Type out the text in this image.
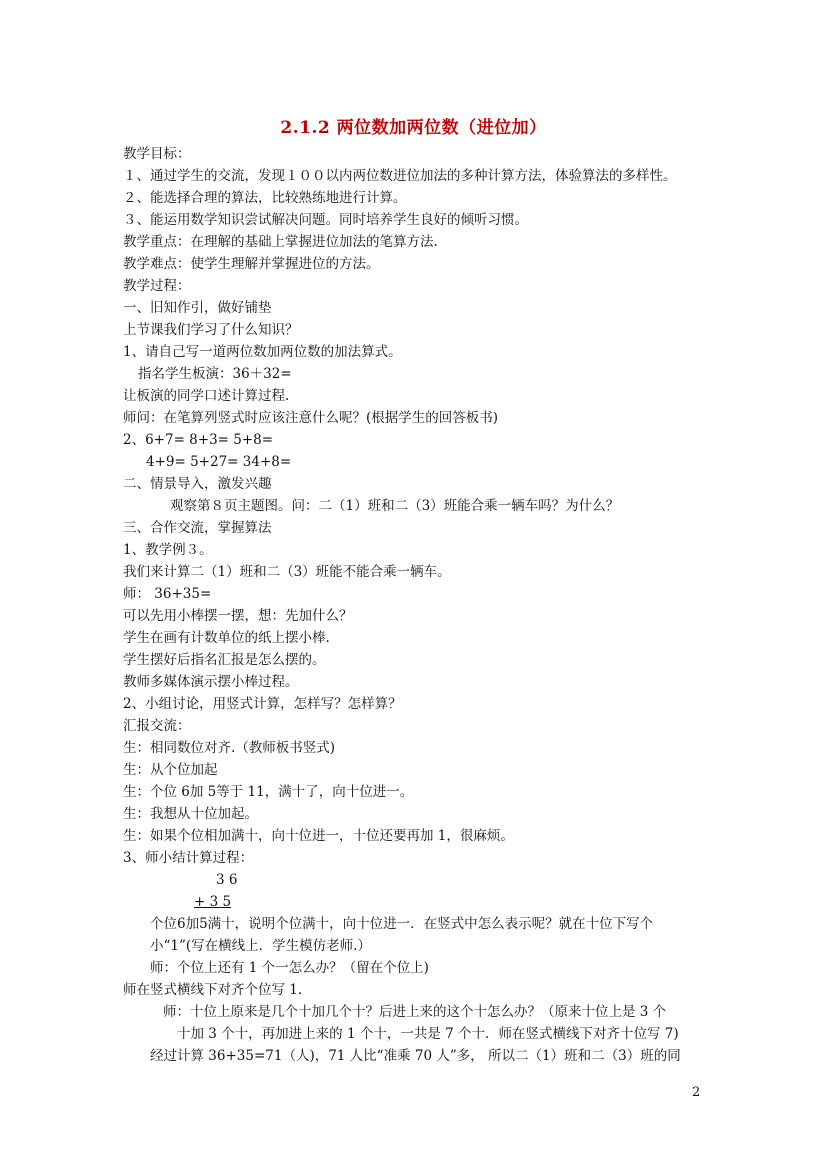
2.1.2 两位数加两位数（进位加）
教学目标：
１、通过学生的交流，发现１００以内两位数进位加法的多种计算方法，体验算法的多样性。
２、能选择合理的算法，比较熟练地进行计算。
３、能运用数学知识尝试解决问题。同时培养学生良好的倾听习惯。
教学重点：在理解的基础上掌握进位加法的笔算方法.
教学难点：使学生理解并掌握进位的方法。
教学过程：
一、旧知作引，做好铺垫
上节课我们学习了什么知识？
1、请自己写一道两位数加两位数的加法算式。
指名学生板演：36＋32=
让板演的同学口述计算过程.
师问：在笔算列竖式时应该注意什么呢？(根据学生的回答板书)
2、6+7= 8+3= 5+8=
4+9= 5+27= 34+8=
二、情景导入，激发兴趣
观察第８页主题图。问：二（1）班和二（3）班能合乘一辆车吗？为什么？
三、合作交流，掌握算法
1、教学例３。
我们来计算二（1）班和二（3）班能不能合乘一辆车。
师： 36+35=
可以先用小棒摆一摆，想：先加什么？
学生在画有计数单位的纸上摆小棒.
学生摆好后指名汇报是怎么摆的。
教师多媒体演示摆小棒过程。
2、小组讨论，用竖式计算，怎样写？怎样算？
汇报交流：
生：相同数位对齐.（教师板书竖式)
生：从个位加起
生：个位 6加 5等于 11，满十了，向十位进一。
生：我想从十位加起。
生：如果个位相加满十，向十位进一，十位还要再加 1，很麻烦。
3、师小结计算过程：
3 6
+ 3 5
个位6加5满十，说明个位满十，向十位进一．在竖式中怎么表示呢？就在十位下写个
小“1”(写在横线上．学生模仿老师.）
师：个位上还有 1 个一怎么办？（留在个位上)
师在竖式横线下对齐个位写 1.
师：十位上原来是几个十加几个十？后进上来的这个十怎么办？（原来十位上是 3 个
十加 3 个十，再加进上来的 1 个十，一共是 7 个十．师在竖式横线下对齐十位写 7)
经过计算 36+35=71（人)，71 人比“准乘 70 人”多， 所以二（1）班和二（3）班的同
2
